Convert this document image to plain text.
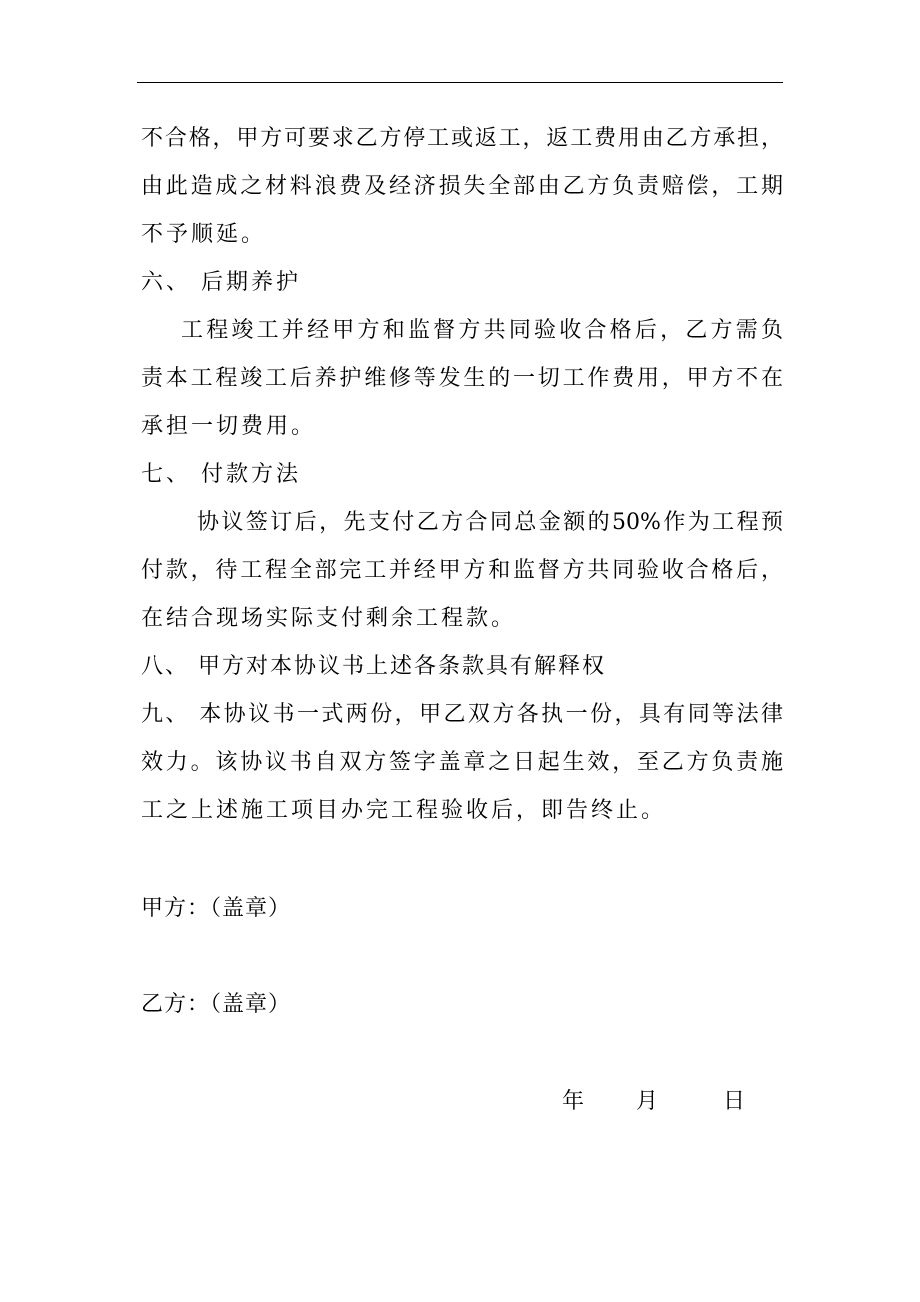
不合格，甲方可要求乙方停工或返工，返工费用由乙方承担，
由此造成之材料浪费及经济损失全部由乙方负责赔偿，工期
不予顺延。
六、 后期养护
工程竣工并经甲方和监督方共同验收合格后，乙方需负
责本工程竣工后养护维修等发生的一切工作费用，甲方不在
承担一切费用。
七、 付款方法
协议签订后，先支付乙方合同总金额的50%作为工程预
付款，待工程全部完工并经甲方和监督方共同验收合格后，
在结合现场实际支付剩余工程款。
八、 甲方对本协议书上述各条款具有解释权
九、 本协议书一式两份，甲乙双方各执一份，具有同等法律
效力。该协议书自双方签字盖章之日起生效，至乙方负责施
工之上述施工项目办完工程验收后，即告终止。
甲方：（盖章）
乙方：（盖章）
年 月	日
